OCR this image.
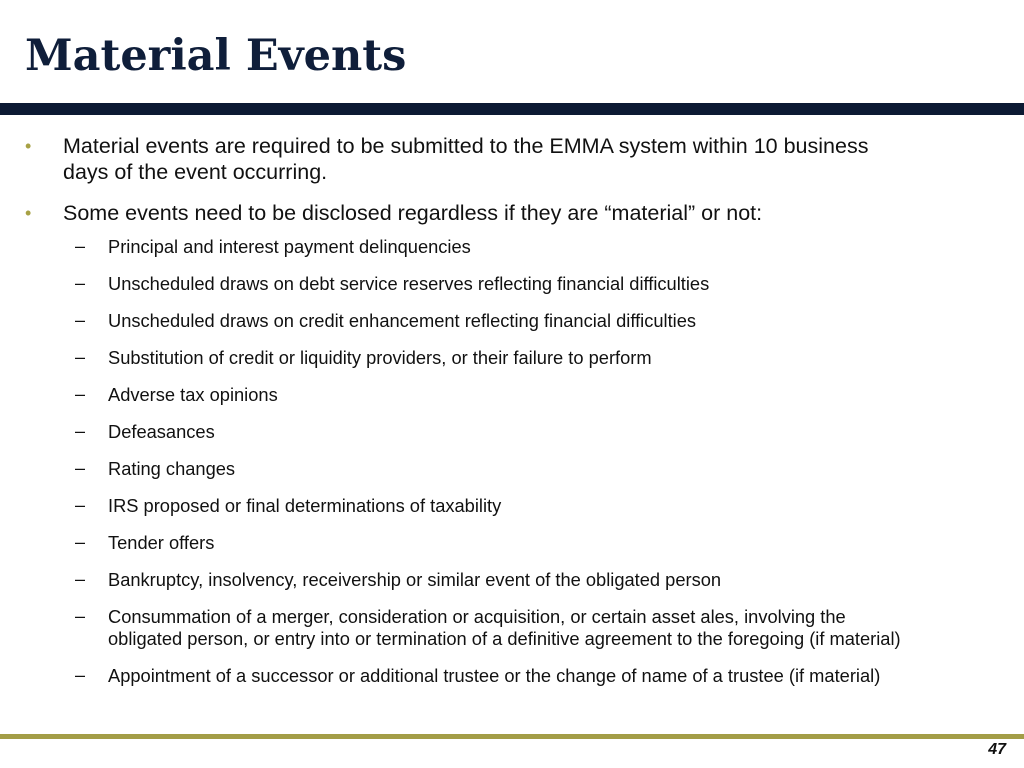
Material Events
• Material events are required to be submitted to the EMMA system within 10 business days of the event occurring.
• Some events need to be disclosed regardless if they are “material” or not:
– Principal and interest payment delinquencies
– Unscheduled draws on debt service reserves reflecting financial difficulties
– Unscheduled draws on credit enhancement reflecting financial difficulties
– Substitution of credit or liquidity providers, or their failure to perform
– Adverse tax opinions
– Defeasances
– Rating changes
– IRS proposed or final determinations of taxability
– Tender offers
– Bankruptcy, insolvency, receivership or similar event of the obligated person
– Consummation of a merger, consideration or acquisition, or certain asset ales, involving the obligated person, or entry into or termination of a definitive agreement to the foregoing (if material)
– Appointment of a successor or additional trustee or the change of name of a trustee (if material)
47
